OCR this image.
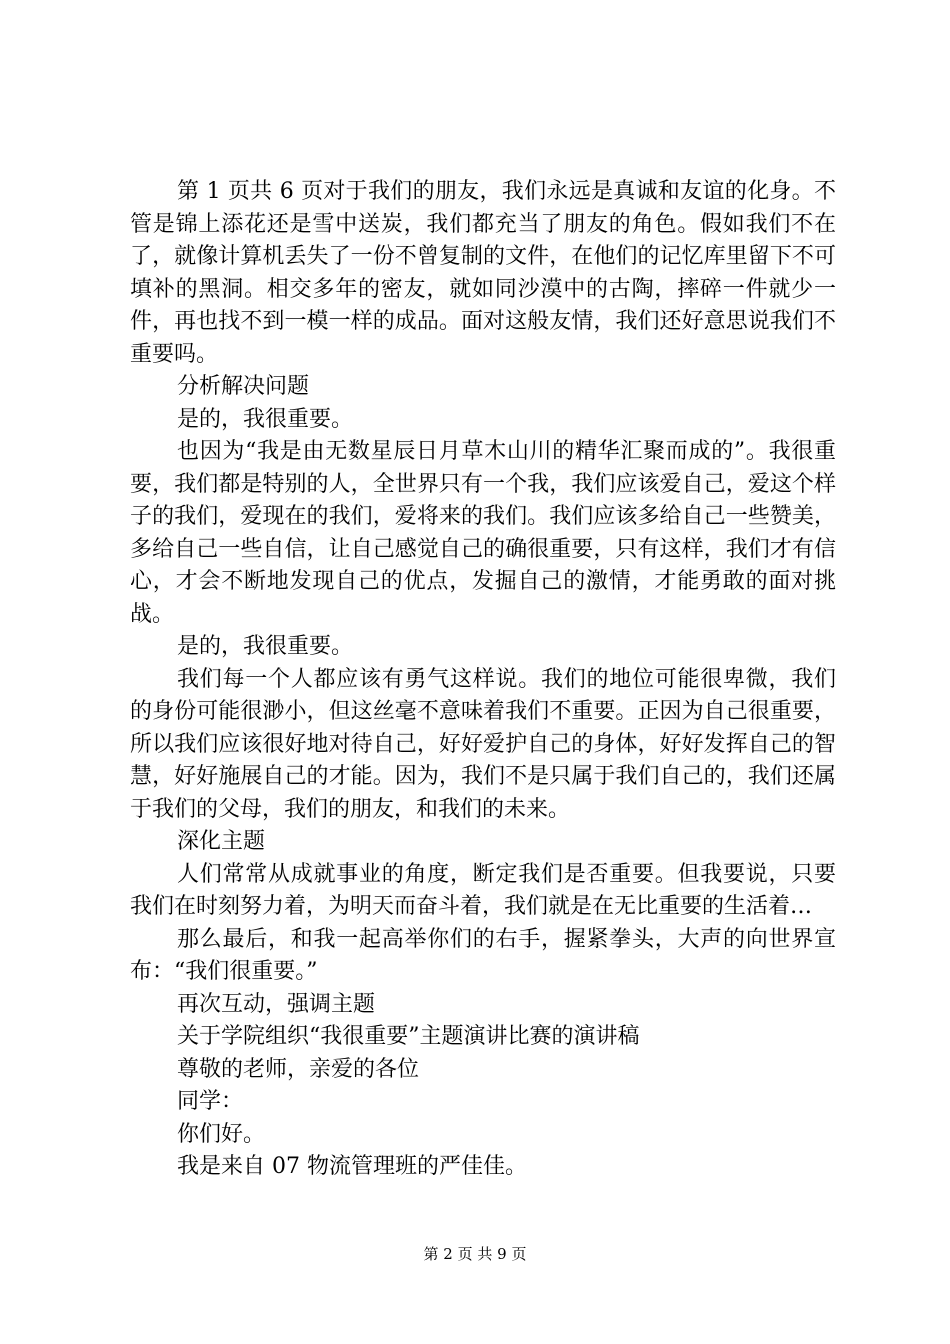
第 1 页共 6 页对于我们的朋友，我们永远是真诚和友谊的化身。不管是锦上添花还是雪中送炭，我们都充当了朋友的角色。假如我们不在了，就像计算机丢失了一份不曾复制的文件，在他们的记忆库里留下不可填补的黑洞。相交多年的密友，就如同沙漠中的古陶，摔碎一件就少一件，再也找不到一模一样的成品。面对这般友情，我们还好意思说我们不重要吗。

分析解决问题

是的，我很重要。

也因为“我是由无数星辰日月草木山川的精华汇聚而成的”。我很重要，我们都是特别的人，全世界只有一个我，我们应该爱自己，爱这个样子的我们，爱现在的我们，爱将来的我们。我们应该多给自己一些赞美，多给自己一些自信，让自己感觉自己的确很重要，只有这样，我们才有信心，才会不断地发现自己的优点，发掘自己的激情，才能勇敢的面对挑战。

是的，我很重要。

我们每一个人都应该有勇气这样说。我们的地位可能很卑微，我们的身份可能很渺小，但这丝毫不意味着我们不重要。正因为自己很重要，所以我们应该很好地对待自己，好好爱护自己的身体，好好发挥自己的智慧，好好施展自己的才能。因为，我们不是只属于我们自己的，我们还属于我们的父母，我们的朋友，和我们的未来。

深化主题

人们常常从成就事业的角度，断定我们是否重要。但我要说，只要我们在时刻努力着，为明天而奋斗着，我们就是在无比重要的生活着…

那么最后，和我一起高举你们的右手，握紧拳头，大声的向世界宣布：“我们很重要。”

再次互动，强调主题

关于学院组织“我很重要”主题演讲比赛的演讲稿

尊敬的老师，亲爱的各位

同学：

你们好。

我是来自 07 物流管理班的严佳佳。

第 2 页 共 9 页
